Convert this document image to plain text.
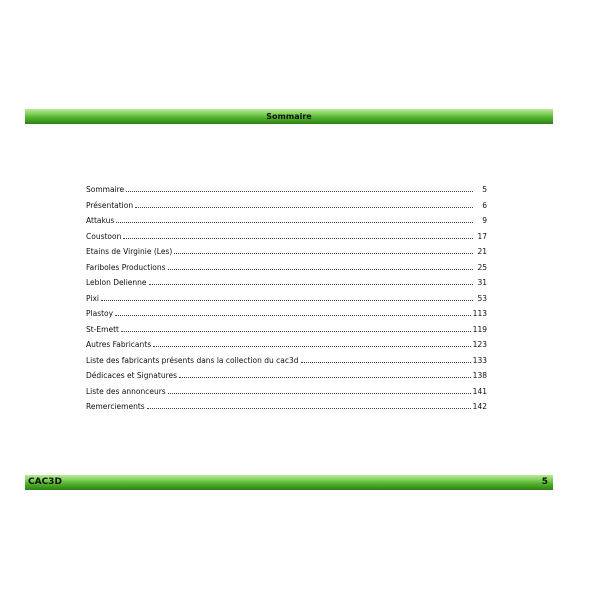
Sommaire
Sommaire	5
Présentation	6
Attakus	9
Coustoon	17
Etains de Virginie (Les)	21
Fariboles Productions	25
Leblon Delienne	31
Pixi	53
Plastoy	113
St-Emett	119
Autres Fabricants	123
Liste des fabricants présents dans la collection du cac3d	133
Dédicaces et Signatures	138
Liste des annonceurs	141
Remerciements	142
CAC3D	5
